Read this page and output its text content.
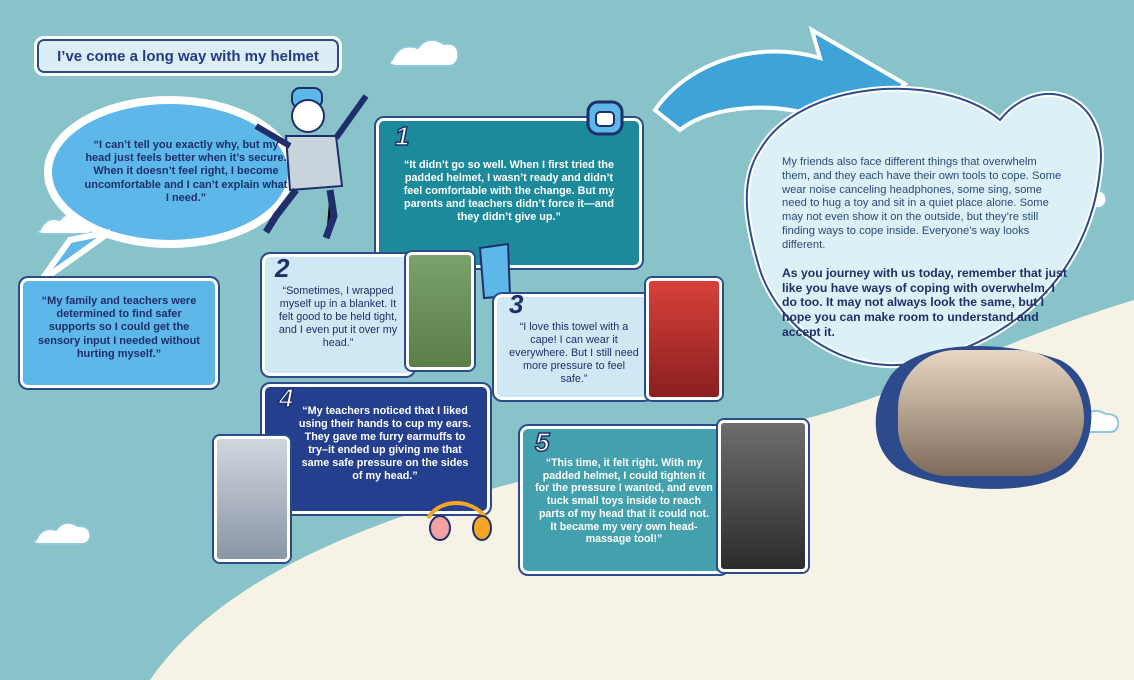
I’ve come a long way with my helmet
“I can’t tell you exactly why, but my head just feels better when it’s secure. When it doesn’t feel right, I become uncomfortable and I can’t explain what I need.”
“My family and teachers were determined to find safer supports so I could get the sensory input I needed without hurting myself.”
1
“It didn’t go so well. When I first tried the padded helmet, I wasn’t ready and didn’t feel comfortable with the change. But my parents and teachers didn’t force it—and they didn’t give up.”
2
“Sometimes, I wrapped myself up in a blanket. It felt good to be held tight, and I even put it over my head.”
3
“I love this towel with a cape! I can wear it everywhere. But I still need more pressure to feel safe.”
4 “My teachers noticed that I liked using their hands to cup my ears. They gave me furry earmuffs to try–it ended up giving me that same safe pressure on the sides of my head.”
5
“This time, it felt right. With my padded helmet, I could tighten it for the pressure I wanted, and even tuck small toys inside to reach parts of my head that it could not. It became my very own head-massage tool!”
My friends also face different things that overwhelm them, and they each have their own tools to cope. Some wear noise canceling headphones, some sing, some need to hug a toy and sit in a quiet place alone. Some may not even show it on the outside, but they’re still finding ways to cope inside. Everyone’s way looks different.
As you journey with us today, remember that just like you have ways of coping with overwhelm, I do too. It may not always look the same, but I hope you can make room to understand and accept it.
